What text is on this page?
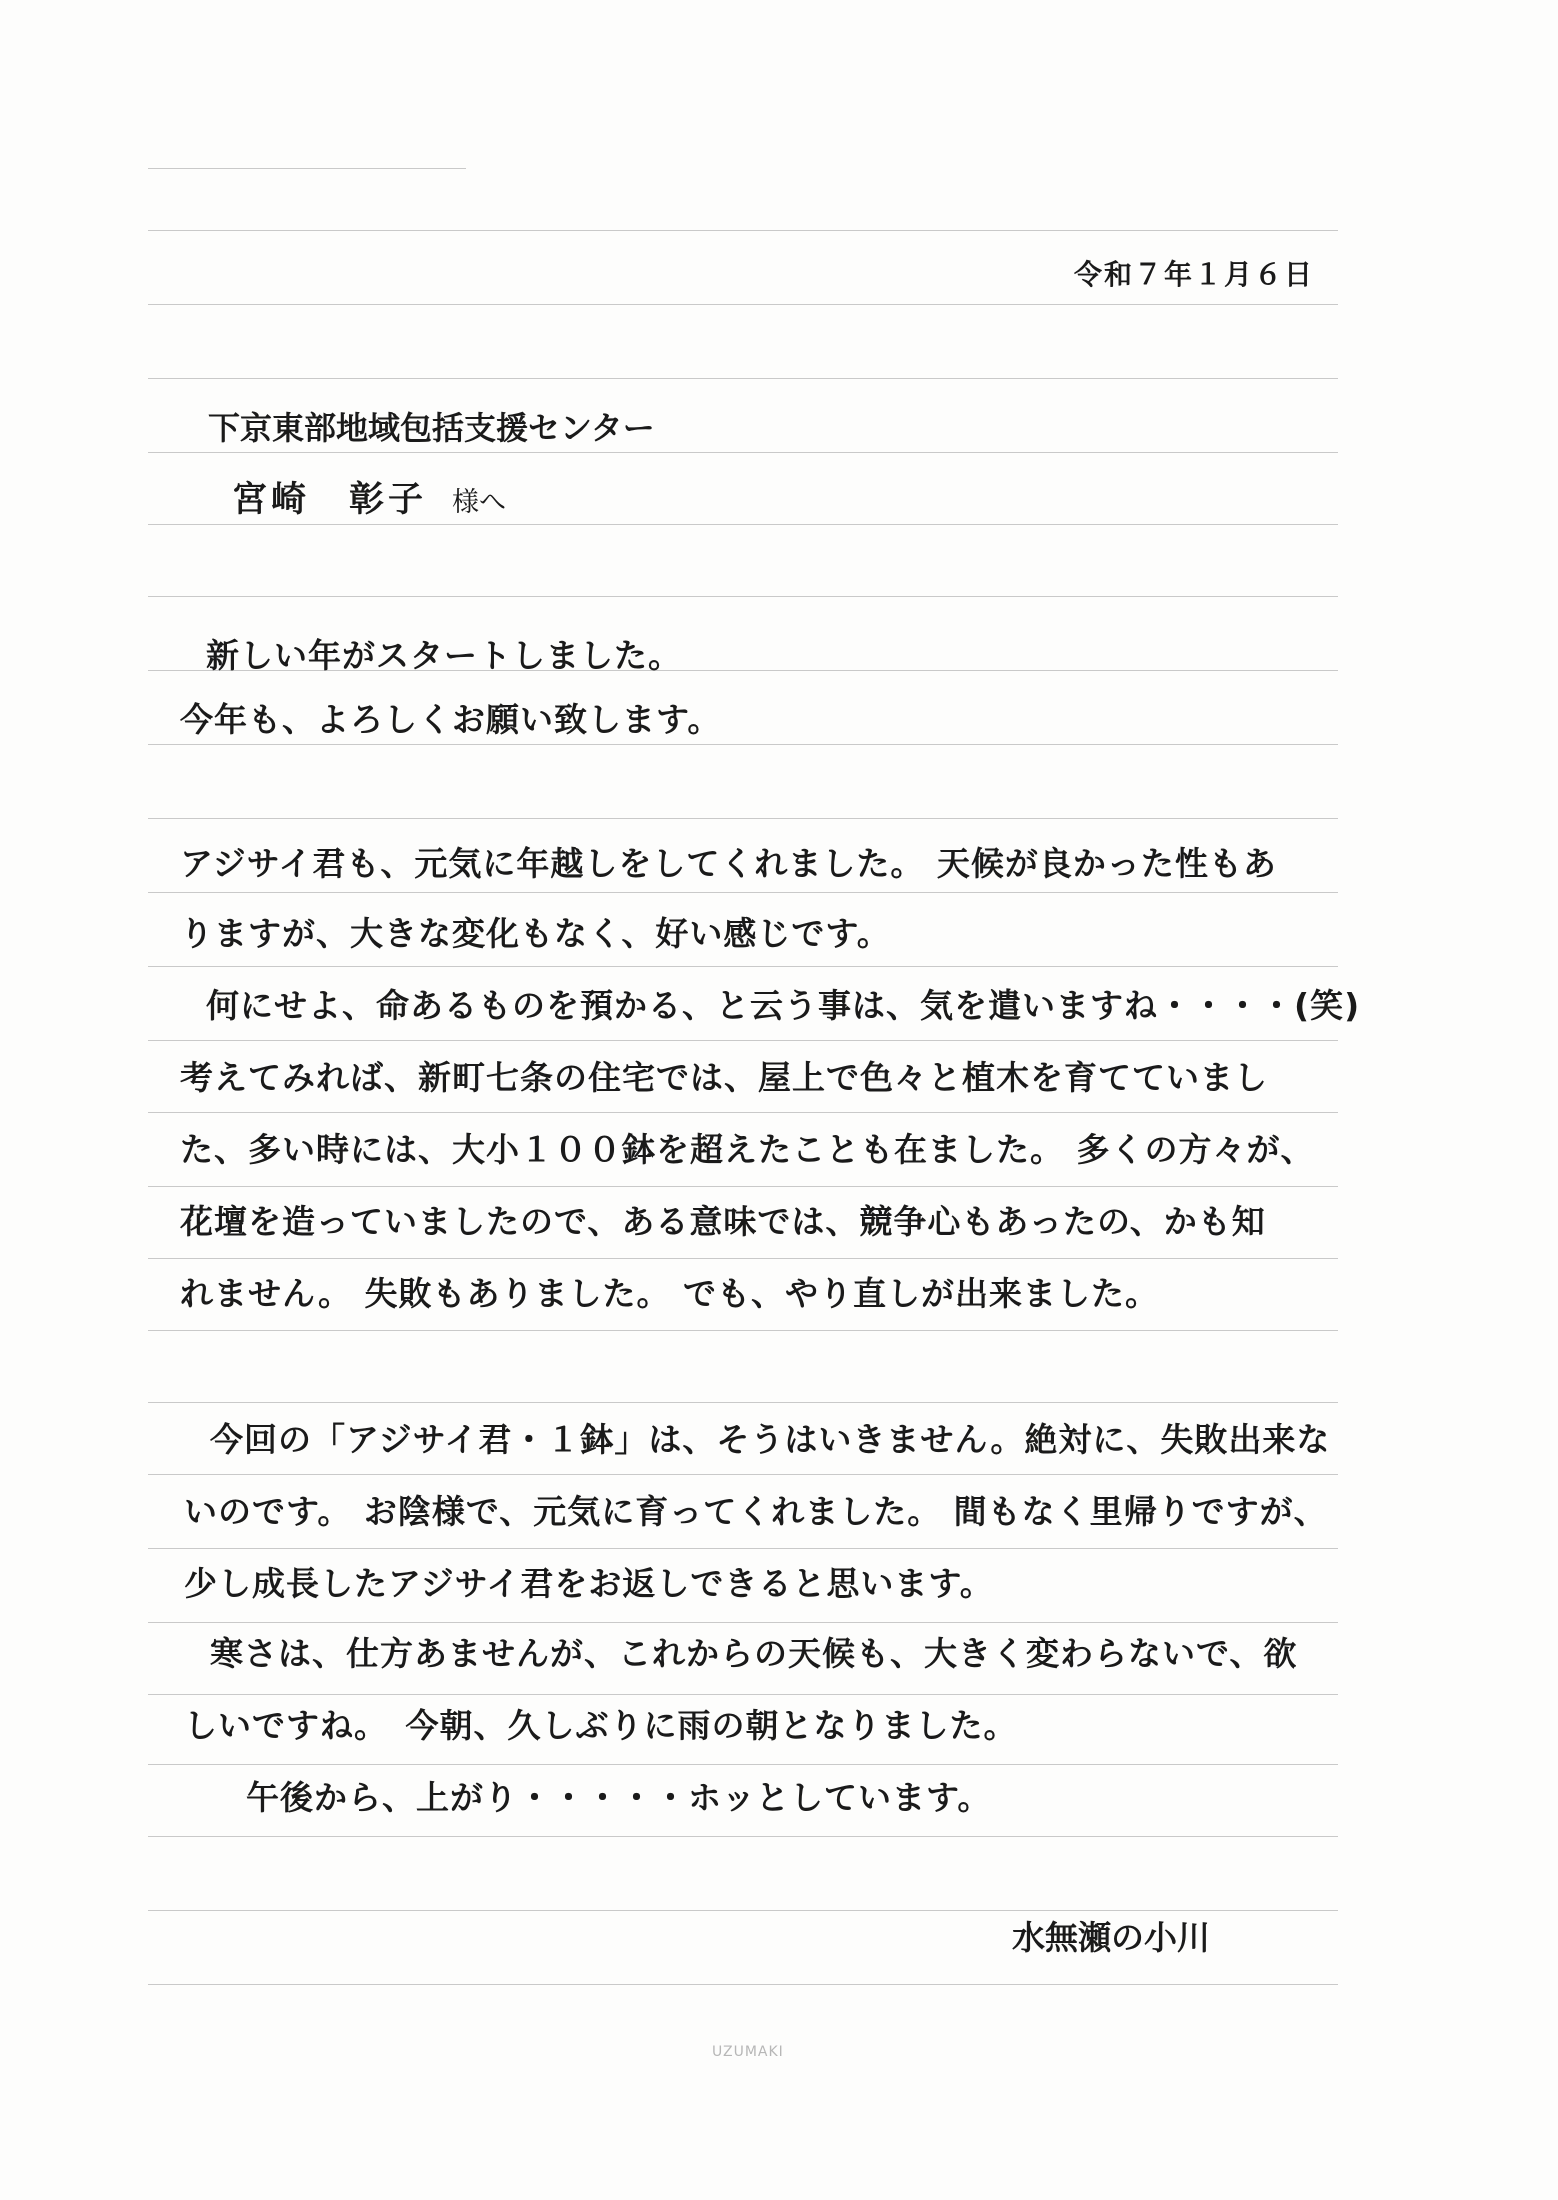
令和７年１月６日
下京東部地域包括支援センター
宮崎　彰子 様へ
新しい年がスタートしました。
今年も、よろしくお願い致します。
アジサイ君も、元気に年越しをしてくれました。 天候が良かった性もあ
りますが、大きな変化もなく、好い感じです。
何にせよ、命あるものを預かる、と云う事は、気を遣いますね・・・・(笑)
考えてみれば、新町七条の住宅では、屋上で色々と植木を育てていまし
た、多い時には、大小１００鉢を超えたことも在ました。 多くの方々が、
花壇を造っていましたので、ある意味では、競争心もあったの、かも知
れません。 失敗もありました。 でも、やり直しが出来ました。
今回の「アジサイ君・１鉢」は、そうはいきません。絶対に、失敗出来な
いのです。 お陰様で、元気に育ってくれました。 間もなく里帰りですが、
少し成長したアジサイ君をお返しできると思います。
寒さは、仕方あませんが、これからの天候も、大きく変わらないで、欲
しいですね。　今朝、久しぶりに雨の朝となりました。
午後から、上がり・・・・・ホッとしています。
水無瀬の小川
UZUMAKI
